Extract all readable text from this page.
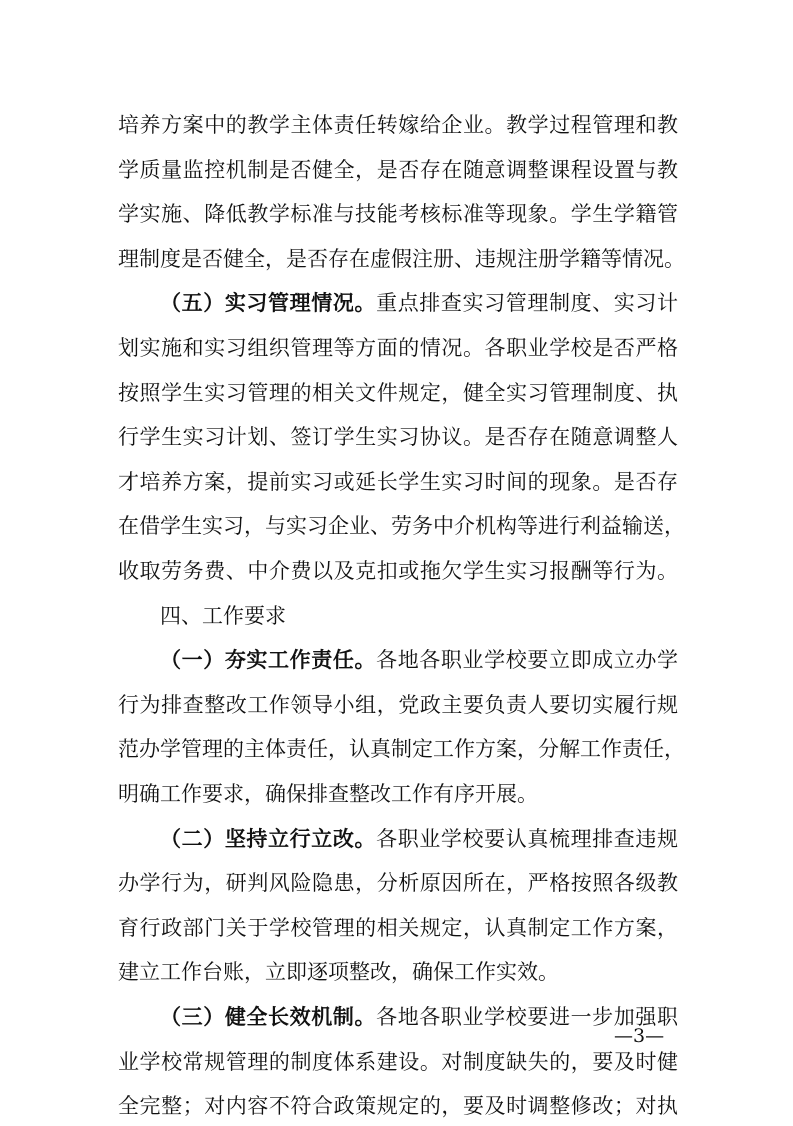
培养方案中的教学主体责任转嫁给企业。教学过程管理和教
学质量监控机制是否健全，是否存在随意调整课程设置与教
学实施、降低教学标准与技能考核标准等现象。学生学籍管
理制度是否健全，是否存在虚假注册、违规注册学籍等情况。
（五）实习管理情况。重点排查实习管理制度、实习计
划实施和实习组织管理等方面的情况。各职业学校是否严格
按照学生实习管理的相关文件规定，健全实习管理制度、执
行学生实习计划、签订学生实习协议。是否存在随意调整人
才培养方案，提前实习或延长学生实习时间的现象。是否存
在借学生实习，与实习企业、劳务中介机构等进行利益输送，
收取劳务费、中介费以及克扣或拖欠学生实习报酬等行为。
四、工作要求
（一）夯实工作责任。各地各职业学校要立即成立办学
行为排查整改工作领导小组，党政主要负责人要切实履行规
范办学管理的主体责任，认真制定工作方案，分解工作责任，
明确工作要求，确保排查整改工作有序开展。
（二）坚持立行立改。各职业学校要认真梳理排查违规
办学行为，研判风险隐患，分析原因所在，严格按照各级教
育行政部门关于学校管理的相关规定，认真制定工作方案，
建立工作台账，立即逐项整改，确保工作实效。
（三）健全长效机制。各地各职业学校要进一步加强职
业学校常规管理的制度体系建设。对制度缺失的，要及时健
全完整；对内容不符合政策规定的，要及时调整修改；对执
—3—
